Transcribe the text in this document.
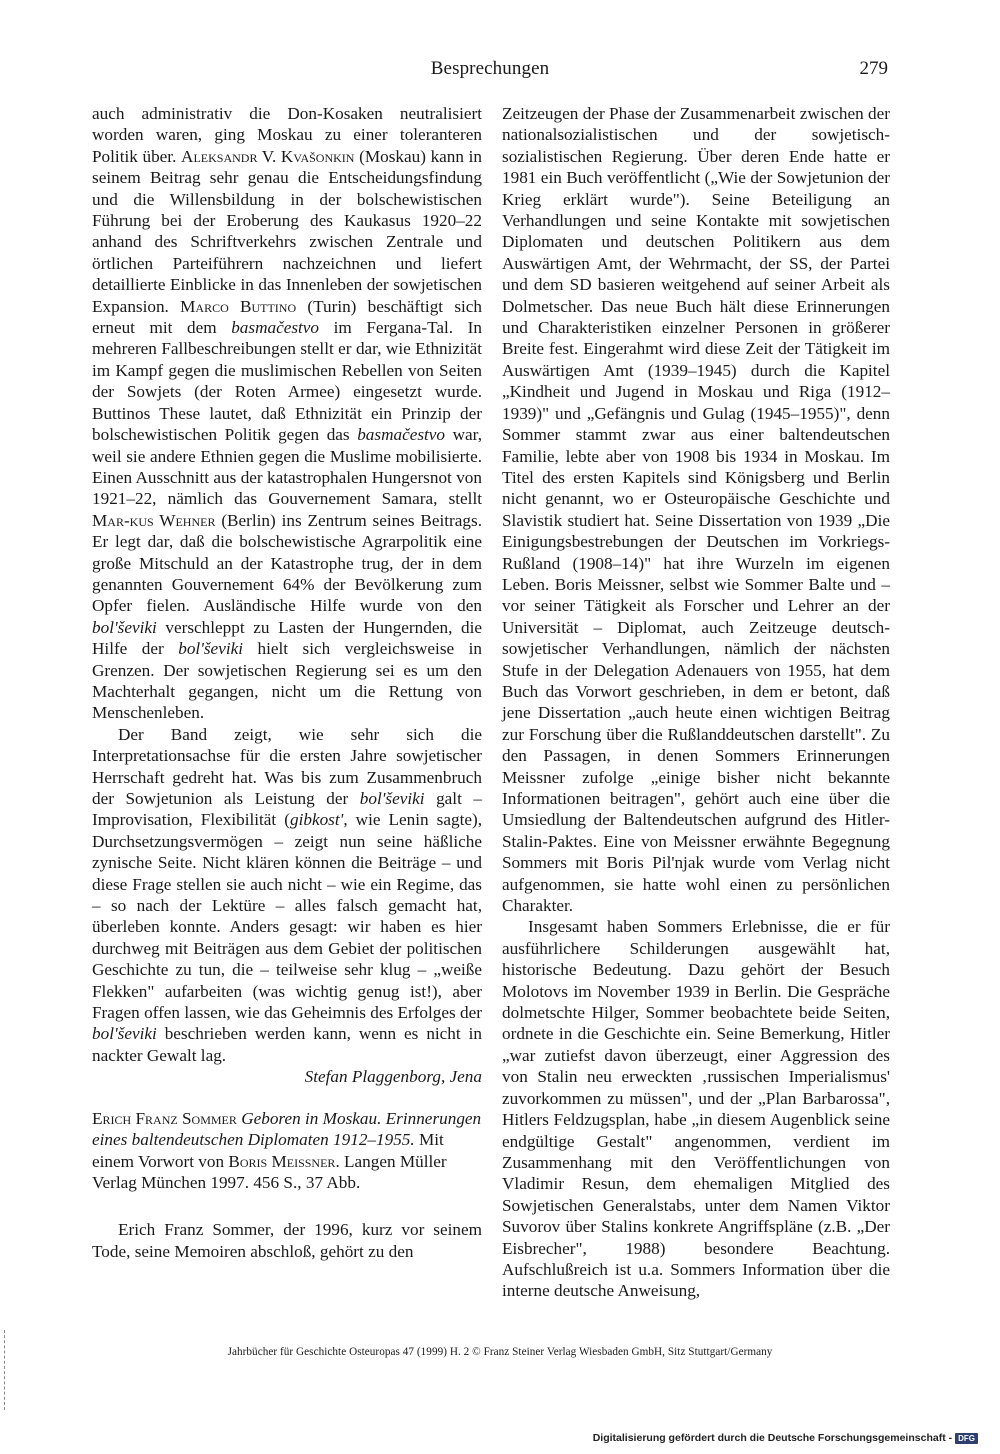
Besprechungen	279

auch administrativ die Don-Kosaken neutralisiert worden waren, ging Moskau zu einer toleranteren Politik über. Aleksandr V. Kvašonkin (Moskau) kann in seinem Beitrag sehr genau die Entscheidungsfindung und die Willensbildung in der bolschewistischen Führung bei der Eroberung des Kaukasus 1920–22 anhand des Schriftverkehrs zwischen Zentrale und örtlichen Parteiführern nachzeichnen und liefert detaillierte Einblicke in das Innenleben der sowjetischen Expansion. Marco Buttino (Turin) beschäftigt sich erneut mit dem basmačestvo im Fergana-Tal. In mehreren Fallbeschreibungen stellt er dar, wie Ethnizität im Kampf gegen die muslimischen Rebellen von Seiten der Sowjets (der Roten Armee) eingesetzt wurde. Buttinos These lautet, daß Ethnizität ein Prinzip der bolschewistischen Politik gegen das basmačestvo war, weil sie andere Ethnien gegen die Muslime mobilisierte. Einen Ausschnitt aus der katastrophalen Hungersnot von 1921–22, nämlich das Gouvernement Samara, stellt Mar-kus Wehner (Berlin) ins Zentrum seines Beitrags. Er legt dar, daß die bolschewistische Agrarpolitik eine große Mitschuld an der Katastrophe trug, der in dem genannten Gouvernement 64% der Bevölkerung zum Opfer fielen. Ausländische Hilfe wurde von den bol'ševiki verschleppt zu Lasten der Hungernden, die Hilfe der bol'ševiki hielt sich vergleichsweise in Grenzen. Der sowjetischen Regierung sei es um den Machterhalt gegangen, nicht um die Rettung von Menschenleben.

Der Band zeigt, wie sehr sich die Interpretationsachse für die ersten Jahre sowjetischer Herrschaft gedreht hat. Was bis zum Zusammenbruch der Sowjetunion als Leistung der bol'ševiki galt – Improvisation, Flexibilität (gibkost', wie Lenin sagte), Durchsetzungsvermögen – zeigt nun seine häßliche zynische Seite. Nicht klären können die Beiträge – und diese Frage stellen sie auch nicht – wie ein Regime, das – so nach der Lektüre – alles falsch gemacht hat, überleben konnte. Anders gesagt: wir haben es hier durchweg mit Beiträgen aus dem Gebiet der politischen Geschichte zu tun, die – teilweise sehr klug – „weiße Flekken" aufarbeiten (was wichtig genug ist!), aber Fragen offen lassen, wie das Geheimnis des Erfolges der bol'ševiki beschrieben werden kann, wenn es nicht in nackter Gewalt lag.

Stefan Plaggenborg, Jena

Erich Franz Sommer Geboren in Moskau. Erinnerungen eines baltendeutschen Diplomaten 1912–1955. Mit einem Vorwort von Boris Meissner. Langen Müller Verlag München 1997. 456 S., 37 Abb.

Erich Franz Sommer, der 1996, kurz vor seinem Tode, seine Memoiren abschloß, gehört zu den

Zeitzeugen der Phase der Zusammenarbeit zwischen der nationalsozialistischen und der sowjetisch-sozialistischen Regierung. Über deren Ende hatte er 1981 ein Buch veröffentlicht („Wie der Sowjetunion der Krieg erklärt wurde"). Seine Beteiligung an Verhandlungen und seine Kontakte mit sowjetischen Diplomaten und deutschen Politikern aus dem Auswärtigen Amt, der Wehrmacht, der SS, der Partei und dem SD basieren weitgehend auf seiner Arbeit als Dolmetscher. Das neue Buch hält diese Erinnerungen und Charakteristiken einzelner Personen in größerer Breite fest. Eingerahmt wird diese Zeit der Tätigkeit im Auswärtigen Amt (1939–1945) durch die Kapitel „Kindheit und Jugend in Moskau und Riga (1912–1939)" und „Gefängnis und Gulag (1945–1955)", denn Sommer stammt zwar aus einer baltendeutschen Familie, lebte aber von 1908 bis 1934 in Moskau. Im Titel des ersten Kapitels sind Königsberg und Berlin nicht genannt, wo er Osteuropäische Geschichte und Slavistik studiert hat. Seine Dissertation von 1939 „Die Einigungsbestrebungen der Deutschen im Vorkriegs-Rußland (1908–14)" hat ihre Wurzeln im eigenen Leben. Boris Meissner, selbst wie Sommer Balte und – vor seiner Tätigkeit als Forscher und Lehrer an der Universität – Diplomat, auch Zeitzeuge deutsch-sowjetischer Verhandlungen, nämlich der nächsten Stufe in der Delegation Adenauers von 1955, hat dem Buch das Vorwort geschrieben, in dem er betont, daß jene Dissertation „auch heute einen wichtigen Beitrag zur Forschung über die Rußlanddeutschen darstellt". Zu den Passagen, in denen Sommers Erinnerungen Meissner zufolge „einige bisher nicht bekannte Informationen beitragen", gehört auch eine über die Umsiedlung der Baltendeutschen aufgrund des Hitler-Stalin-Paktes. Eine von Meissner erwähnte Begegnung Sommers mit Boris Pil'njak wurde vom Verlag nicht aufgenommen, sie hatte wohl einen zu persönlichen Charakter.

Insgesamt haben Sommers Erlebnisse, die er für ausführlichere Schilderungen ausgewählt hat, historische Bedeutung. Dazu gehört der Besuch Molotovs im November 1939 in Berlin. Die Gespräche dolmetschte Hilger, Sommer beobachtete beide Seiten, ordnete in die Geschichte ein. Seine Bemerkung, Hitler „war zutiefst davon überzeugt, einer Aggression des von Stalin neu erweckten ‚russischen Imperialismus' zuvorkommen zu müssen", und der „Plan Barbarossa", Hitlers Feldzugsplan, habe „in diesem Augenblick seine endgültige Gestalt" angenommen, verdient im Zusammenhang mit den Veröffentlichungen von Vladimir Resun, dem ehemaligen Mitglied des Sowjetischen Generalstabs, unter dem Namen Viktor Suvorov über Stalins konkrete Angriffspläne (z.B. „Der Eisbrecher", 1988) besondere Beachtung. Aufschlußreich ist u.a. Sommers Information über die interne deutsche Anweisung,

Jahrbücher für Geschichte Osteuropas 47 (1999) H. 2 © Franz Steiner Verlag Wiesbaden GmbH, Sitz Stuttgart/Germany
Digitalisierung gefördert durch die Deutsche Forschungsgemeinschaft - DFG
